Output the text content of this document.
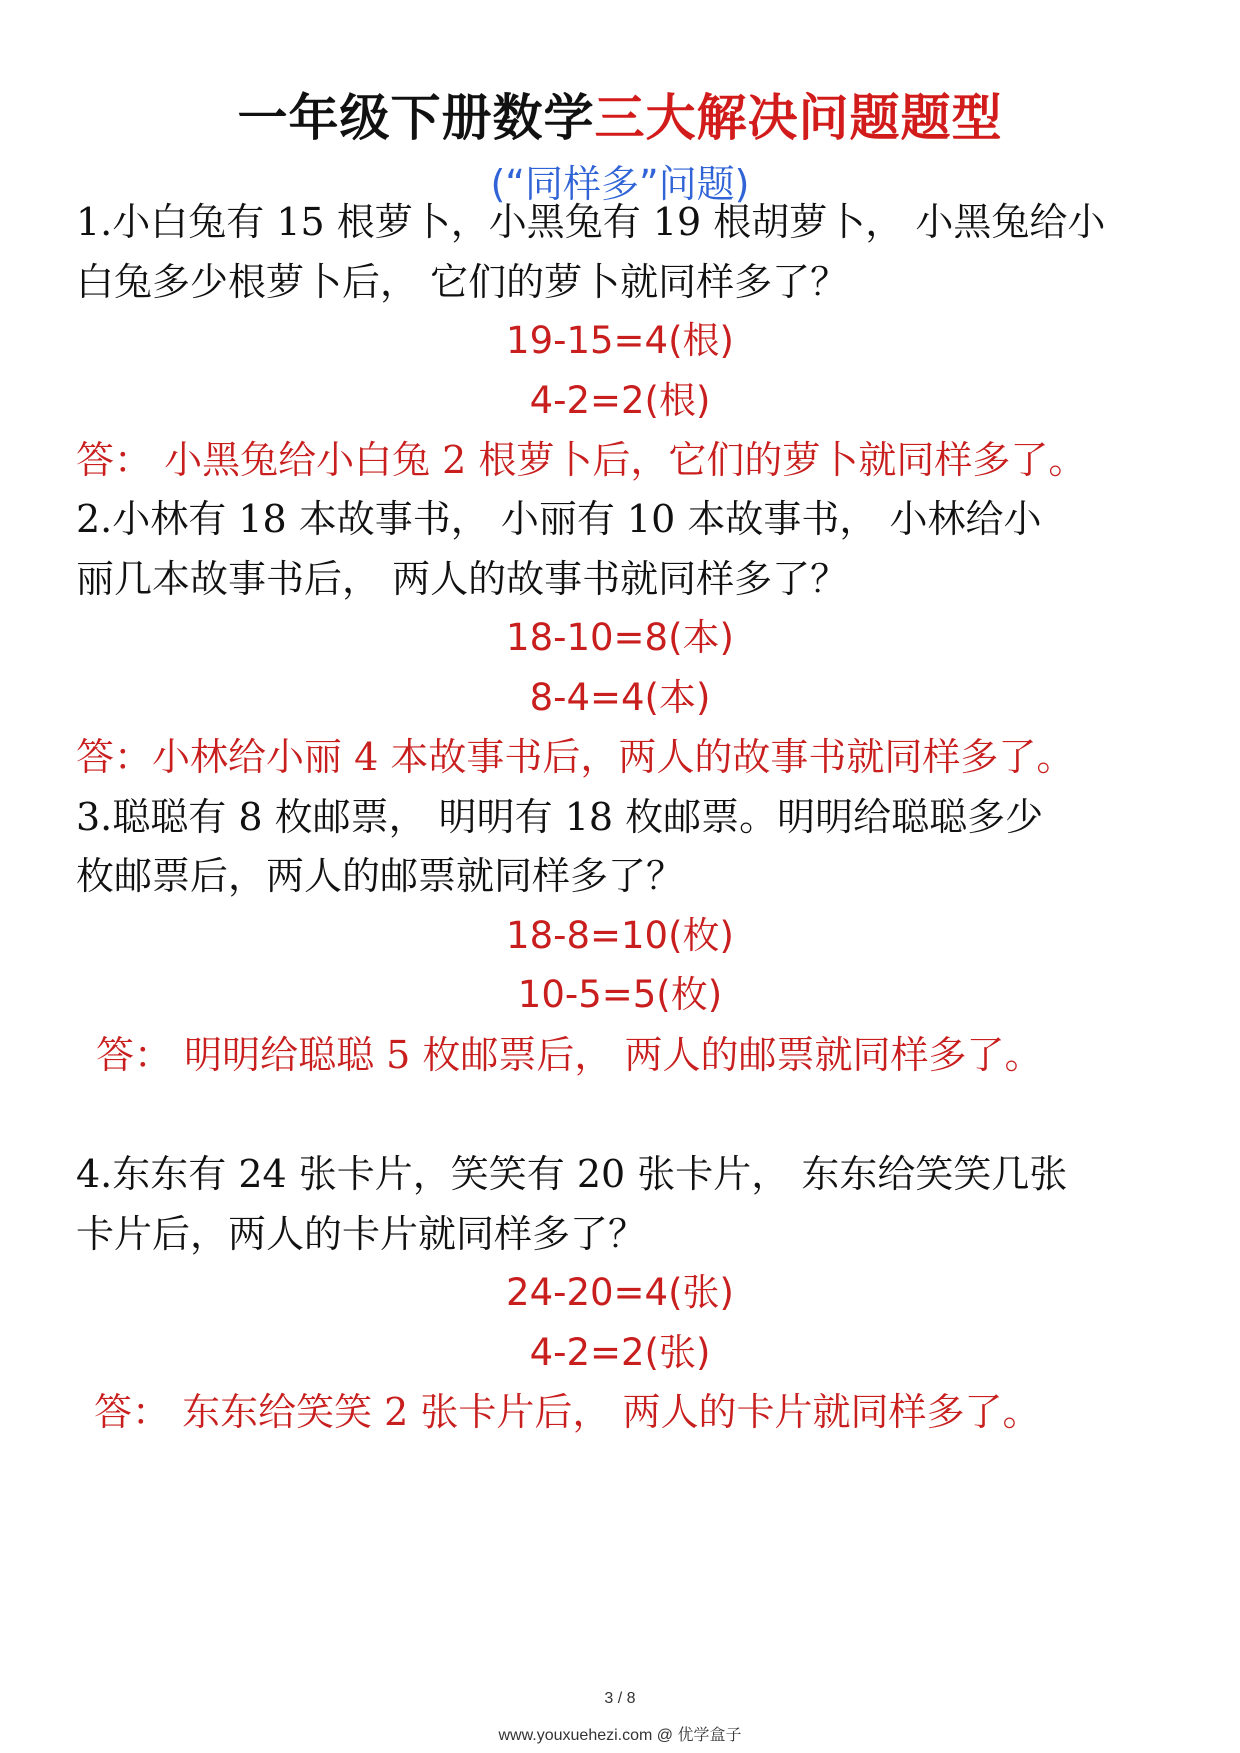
一年级下册数学三大解决问题题型
(“同样多”问题)
1.小白兔有 15 根萝卜，小黑兔有 19 根胡萝卜， 小黑兔给小
白兔多少根萝卜后， 它们的萝卜就同样多了？
19-15=4(根)
4-2=2(根)
答： 小黑兔给小白兔 2 根萝卜后，它们的萝卜就同样多了。
2.小林有 18 本故事书， 小丽有 10 本故事书， 小林给小
丽几本故事书后， 两人的故事书就同样多了？
18-10=8(本)
8-4=4(本)
答：小林给小丽 4 本故事书后，两人的故事书就同样多了。
3.聪聪有 8 枚邮票， 明明有 18 枚邮票。明明给聪聪多少
枚邮票后，两人的邮票就同样多了？
18-8=10(枚)
10-5=5(枚)
答： 明明给聪聪 5 枚邮票后， 两人的邮票就同样多了。
4.东东有 24 张卡片，笑笑有 20 张卡片， 东东给笑笑几张
卡片后，两人的卡片就同样多了？
24-20=4(张)
4-2=2(张)
答： 东东给笑笑 2 张卡片后， 两人的卡片就同样多了。
3 / 8
www.youxuehezi.com @ 优学盒子
